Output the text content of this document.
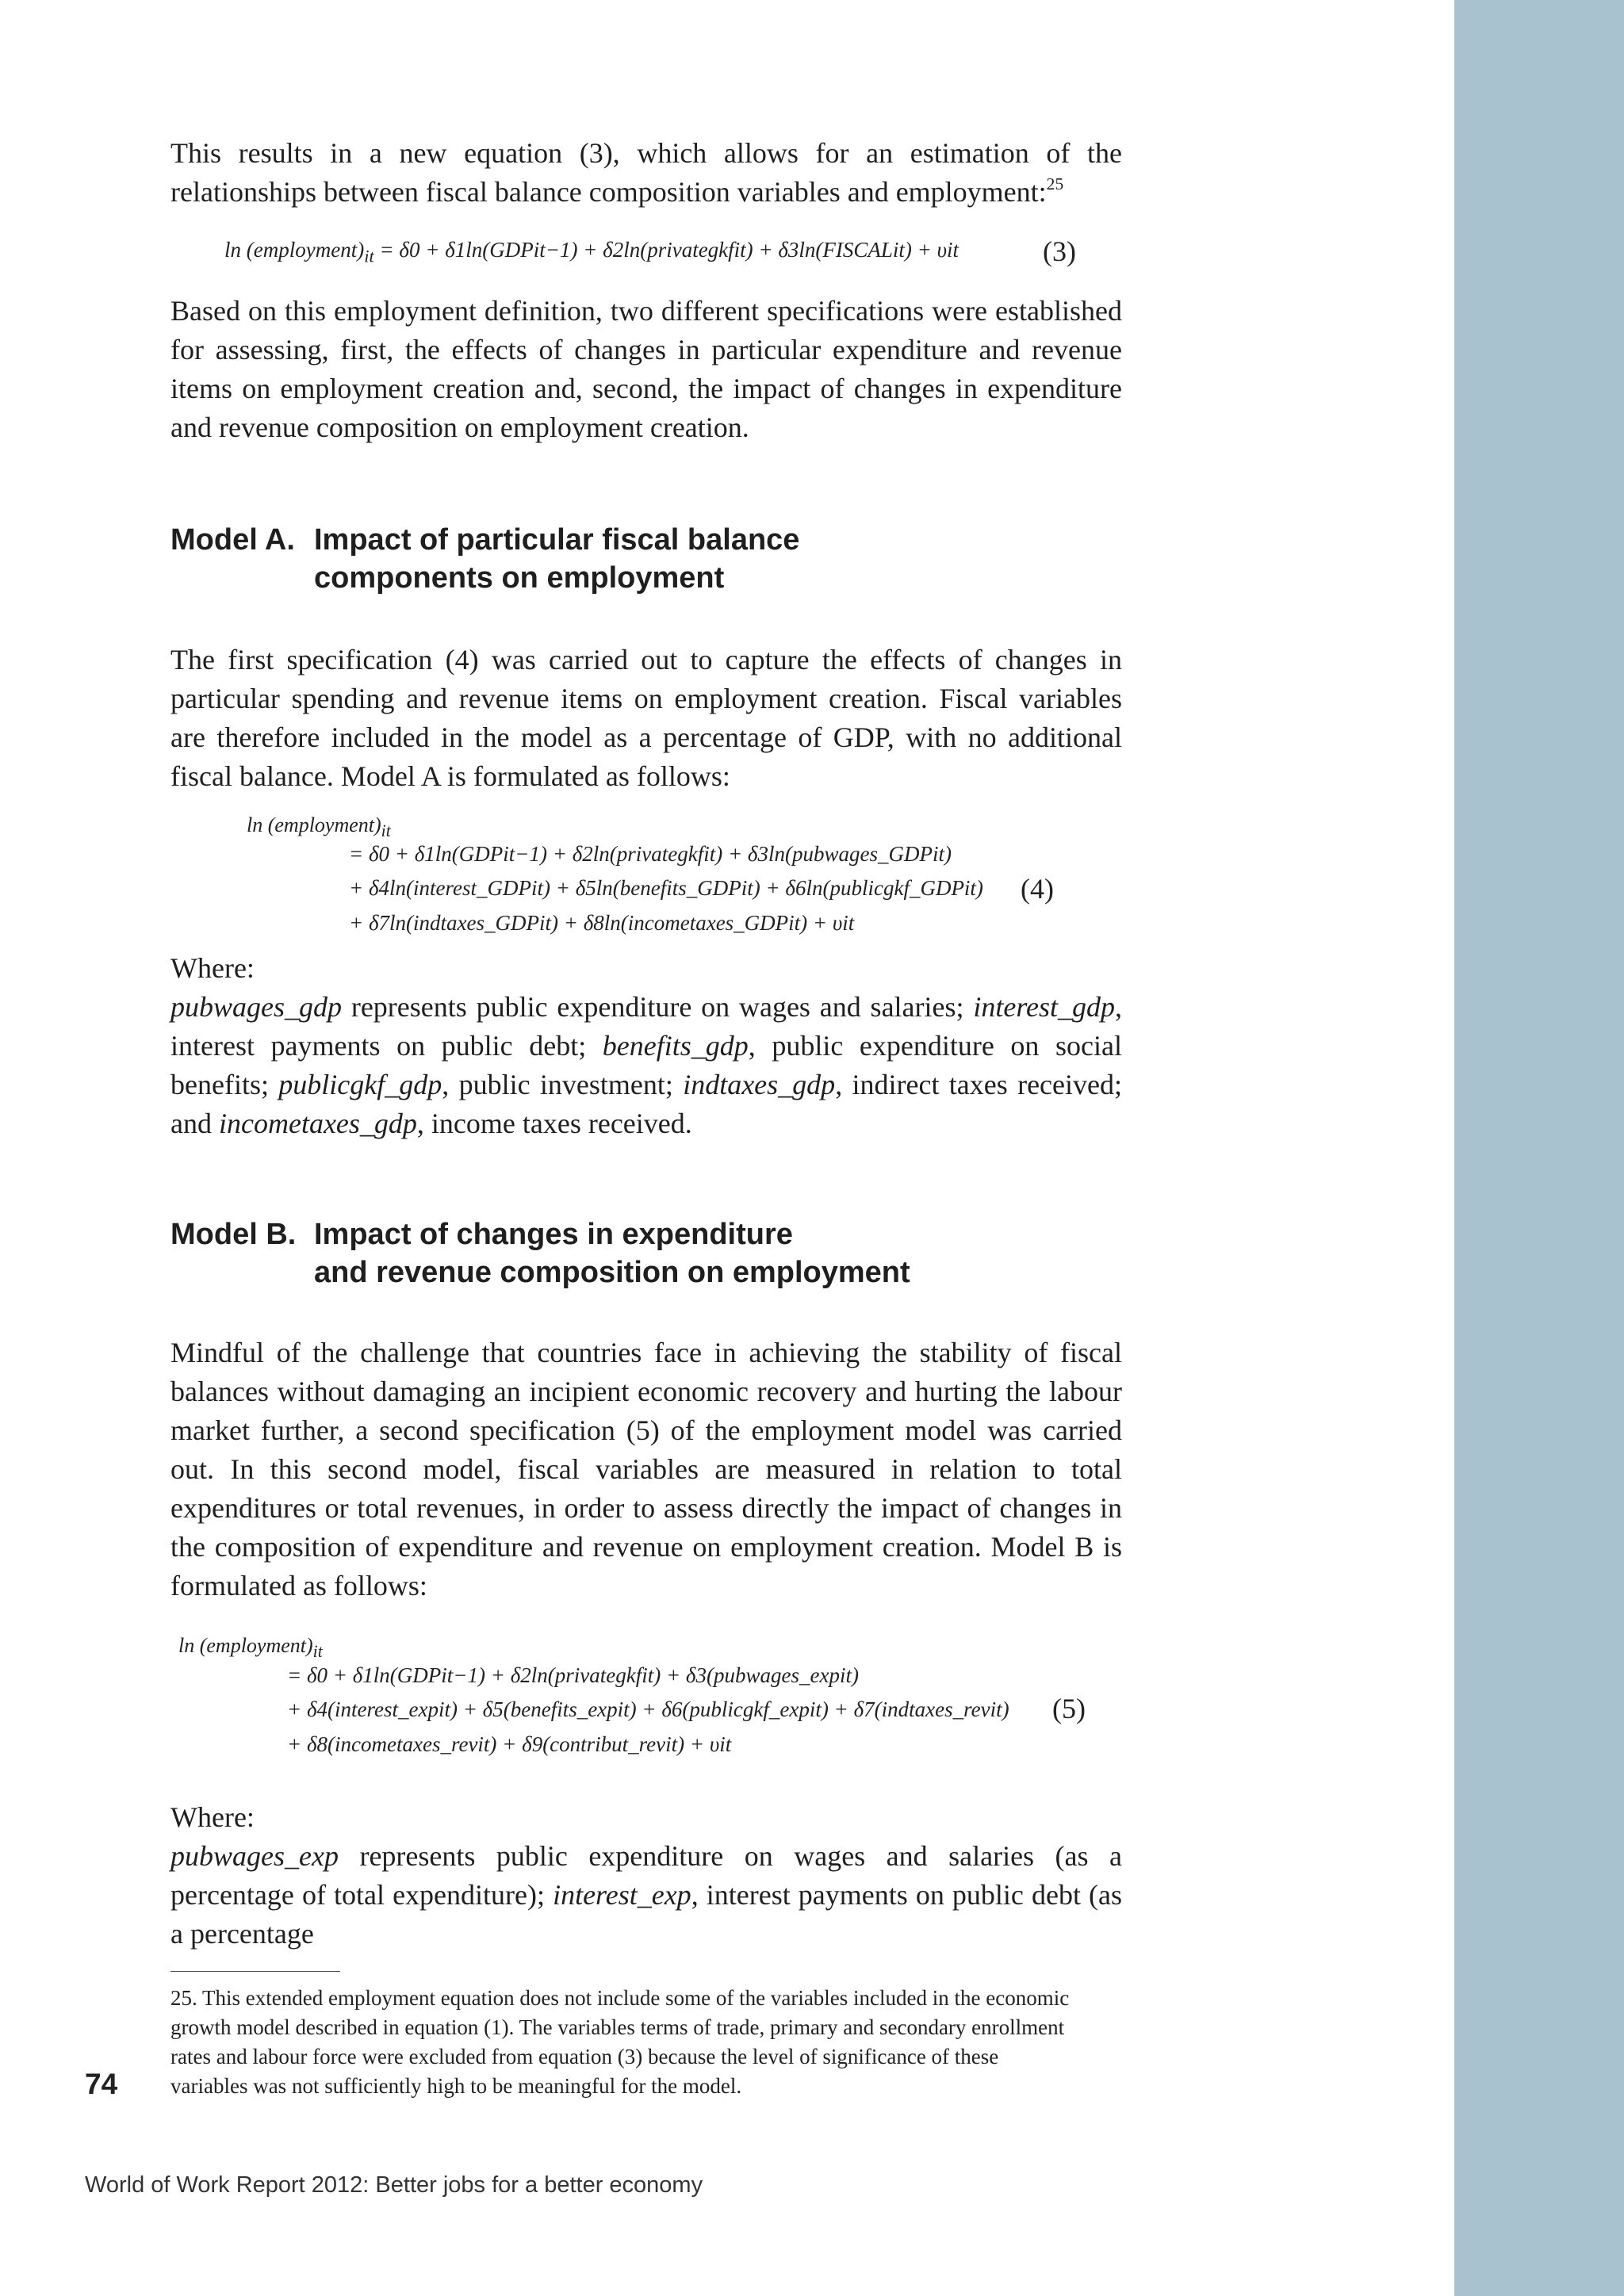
This results in a new equation (3), which allows for an estimation of the relationships between fiscal balance composition variables and employment:$^{25}$

$\ln (employment)_{it} = \delta 0$ + δ1ln(GDPit−1) + δ2ln(privategkfit) + δ3ln(FISCALit) + υit	(3)

Based on this employment definition, two different specifications were established for assessing, first, the effects of changes in particular expenditure and revenue items on employment creation and, second, the impact of changes in expenditure and revenue composition on employment creation.

Model A. Impact of particular fiscal balance
components on employment

The first specification (4) was carried out to capture the effects of changes in particular spending and revenue items on employment creation. Fiscal variables are therefore included in the model as a percentage of GDP, with no additional fiscal balance. Model A is formulated as follows:

$\ln (employment)_{it}$
= δ0 + δ1ln(GDPit−1) + δ2ln(privategkfit) + δ3ln(pubwages_GDPit)
+ δ4ln(interest_GDPit) + δ5ln(benefits_GDPit) + δ6ln(publicgkf_GDPit)
+ δ7ln(indtaxes_GDPit) + δ8ln(incometaxes_GDPit) + υit
(4)
Where:

pubwages_gdp represents public expenditure on wages and salaries; interest_gdp, interest payments on public debt; benefits_gdp, public expenditure on social benefits; publicgkf_gdp, public investment; indtaxes_gdp, indirect taxes received; and incometaxes_gdp, income taxes received.

Model B. Impact of changes in expenditure
and revenue composition on employment

Mindful of the challenge that countries face in achieving the stability of fiscal balances without damaging an incipient economic recovery and hurting the labour market further, a second specification (5) of the employment model was carried out. In this second model, fiscal variables are measured in relation to total expenditures or total revenues, in order to assess directly the impact of changes in the composition of expenditure and revenue on employment creation. Model B is formulated as follows:

$\ln (employment)_{it}$
= δ0 + δ1ln(GDPit−1) + δ2ln(privategkfit) + δ3(pubwages_expit)
+ δ4(interest_expit) + δ5(benefits_expit) + δ6(publicgkf_expit) + δ7(indtaxes_revit)
+ δ8(incometaxes_revit) + δ9(contribut_revit) + υit
(5)
Where:

pubwages_exp represents public expenditure on wages and salaries (as a percentage of total expenditure); interest_exp, interest payments on public debt (as a percentage

25. This extended employment equation does not include some of the variables included in the economic growth model described in equation (1). The variables terms of trade, primary and secondary enrollment rates and labour force were excluded from equation (3) because the level of significance of these variables was not sufficiently high to be meaningful for the model.

74
World of Work Report 2012: Better jobs for a better economy
